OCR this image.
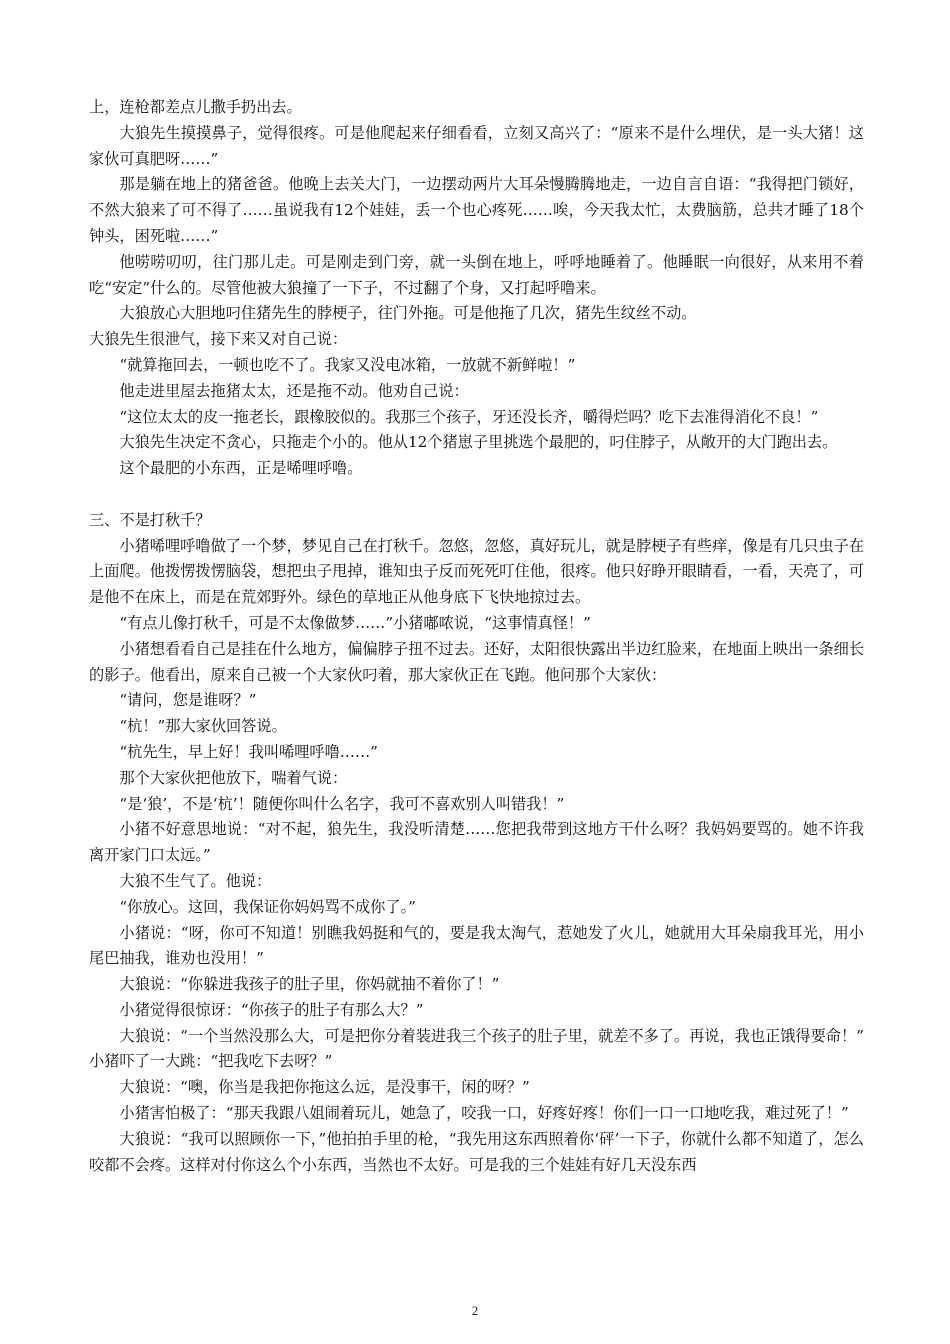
上，连枪都差点儿撒手扔出去。

大狼先生摸摸鼻子，觉得很疼。可是他爬起来仔细看看，立刻又高兴了：“原来不是什么埋伏，是一头大猪！这家伙可真肥呀……”

那是躺在地上的猪爸爸。他晚上去关大门，一边摆动两片大耳朵慢腾腾地走，一边自言自语：“我得把门锁好，不然大狼来了可不得了……虽说我有12个娃娃，丢一个也心疼死……唉，今天我太忙，太费脑筋，总共才睡了18个钟头，困死啦……”

他唠唠叨叨，往门那儿走。可是刚走到门旁，就一头倒在地上，呼呼地睡着了。他睡眠一向很好，从来用不着吃“安定”什么的。尽管他被大狼撞了一下子，不过翻了个身，又打起呼噜来。

大狼放心大胆地叼住猪先生的脖梗子，往门外拖。可是他拖了几次，猪先生纹丝不动。

大狼先生很泄气，接下来又对自己说：

“就算拖回去，一顿也吃不了。我家又没电冰箱，一放就不新鲜啦！”

他走进里屋去拖猪太太，还是拖不动。他劝自己说：

“这位太太的皮一拖老长，跟橡胶似的。我那三个孩子，牙还没长齐，嚼得烂吗？吃下去准得消化不良！”

大狼先生决定不贪心，只拖走个小的。他从12个猪崽子里挑选个最肥的，叼住脖子，从敞开的大门跑出去。

这个最肥的小东西，正是唏哩呼噜。

三、不是打秋千？

小猪唏哩呼噜做了一个梦，梦见自己在打秋千。忽悠，忽悠，真好玩儿，就是脖梗子有些痒，像是有几只虫子在上面爬。他拨愣拨愣脑袋，想把虫子甩掉，谁知虫子反而死死叮住他，很疼。他只好睁开眼睛看，一看，天亮了，可是他不在床上，而是在荒郊野外。绿色的草地正从他身底下飞快地掠过去。

“有点儿像打秋千，可是不太像做梦……”小猪嘟哝说，“这事情真怪！”

小猪想看看自己是挂在什么地方，偏偏脖子扭不过去。还好，太阳很快露出半边红脸来，在地面上映出一条细长的影子。他看出，原来自己被一个大家伙叼着，那大家伙正在飞跑。他问那个大家伙：

“请问，您是谁呀？”

“杭！”那大家伙回答说。

“杭先生，早上好！我叫唏哩呼噜……”

那个大家伙把他放下，喘着气说：

“是‘狼’，不是‘杭’！随便你叫什么名字，我可不喜欢别人叫错我！”

小猪不好意思地说：“对不起，狼先生，我没听清楚……您把我带到这地方干什么呀？我妈妈要骂的。她不许我离开家门口太远。”

大狼不生气了。他说：

“你放心。这回，我保证你妈妈骂不成你了。”

小猪说：“呀，你可不知道！别瞧我妈挺和气的，要是我太淘气，惹她发了火儿，她就用大耳朵扇我耳光，用小尾巴抽我，谁劝也没用！”

大狼说：“你躲进我孩子的肚子里，你妈就抽不着你了！”

小猪觉得很惊讶：“你孩子的肚子有那么大？”

大狼说：“一个当然没那么大，可是把你分着装进我三个孩子的肚子里，就差不多了。再说，我也正饿得要命！”

小猪吓了一大跳：“把我吃下去呀？”

大狼说：“噢，你当是我把你拖这么远，是没事干，闲的呀？”

小猪害怕极了：“那天我跟八姐闹着玩儿，她急了，咬我一口，好疼好疼！你们一口一口地吃我，难过死了！”

大狼说：“我可以照顾你一下，”他拍拍手里的枪，“我先用这东西照着你‘砰’一下子，你就什么都不知道了，怎么咬都不会疼。这样对付你这么个小东西，当然也不太好。可是我的三个娃娃有好几天没东西

2
